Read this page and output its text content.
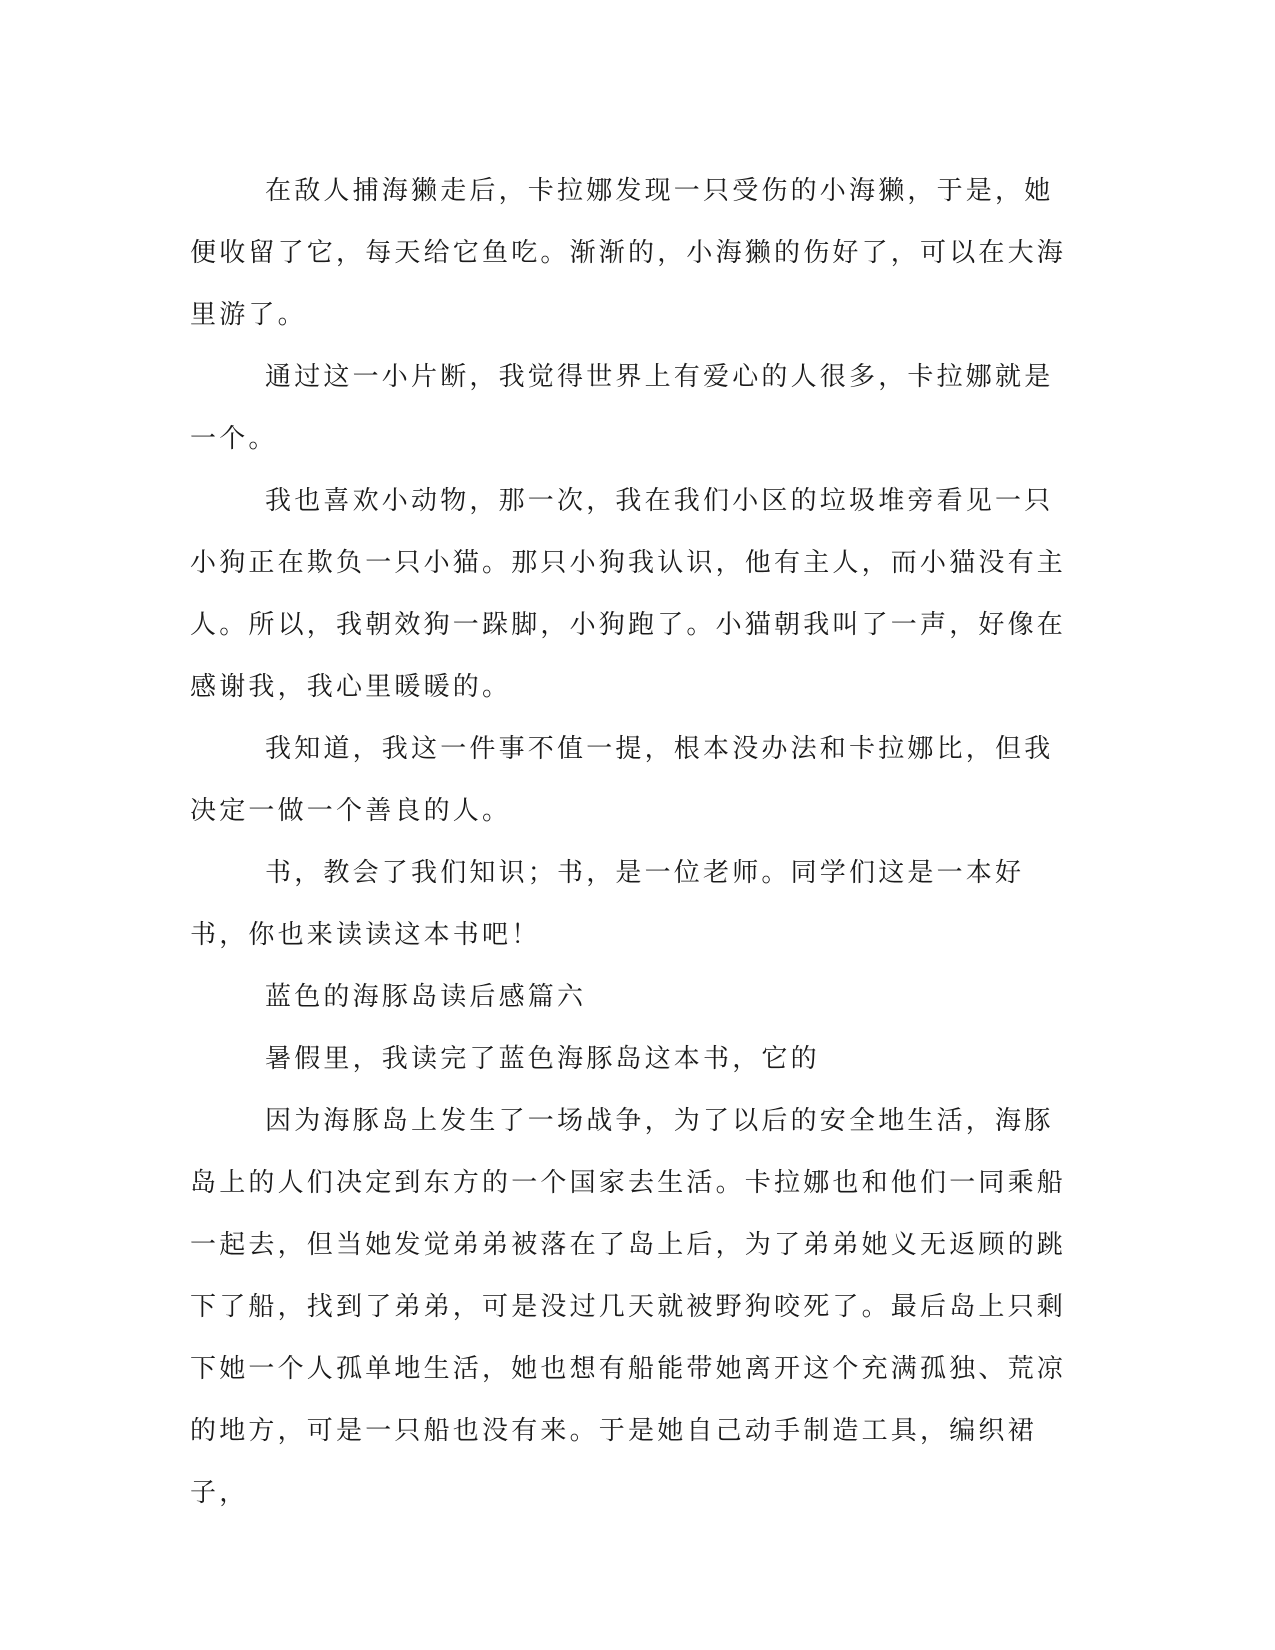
在敌人捕海獭走后，卡拉娜发现一只受伤的小海獭，于是，她便收留了它，每天给它鱼吃。渐渐的，小海獭的伤好了，可以在大海里游了。

通过这一小片断，我觉得世界上有爱心的人很多，卡拉娜就是一个。

我也喜欢小动物，那一次，我在我们小区的垃圾堆旁看见一只小狗正在欺负一只小猫。那只小狗我认识，他有主人，而小猫没有主人。所以，我朝效狗一跺脚，小狗跑了。小猫朝我叫了一声，好像在感谢我，我心里暖暖的。

我知道，我这一件事不值一提，根本没办法和卡拉娜比，但我决定一做一个善良的人。

书，教会了我们知识；书，是一位老师。同学们这是一本好书，你也来读读这本书吧！

蓝色的海豚岛读后感篇六

暑假里，我读完了蓝色海豚岛这本书，它的

因为海豚岛上发生了一场战争，为了以后的安全地生活，海豚岛上的人们决定到东方的一个国家去生活。卡拉娜也和他们一同乘船一起去，但当她发觉弟弟被落在了岛上后，为了弟弟她义无返顾的跳下了船，找到了弟弟，可是没过几天就被野狗咬死了。最后岛上只剩下她一个人孤单地生活，她也想有船能带她离开这个充满孤独、荒凉的地方，可是一只船也没有来。于是她自己动手制造工具，编织裙子，
